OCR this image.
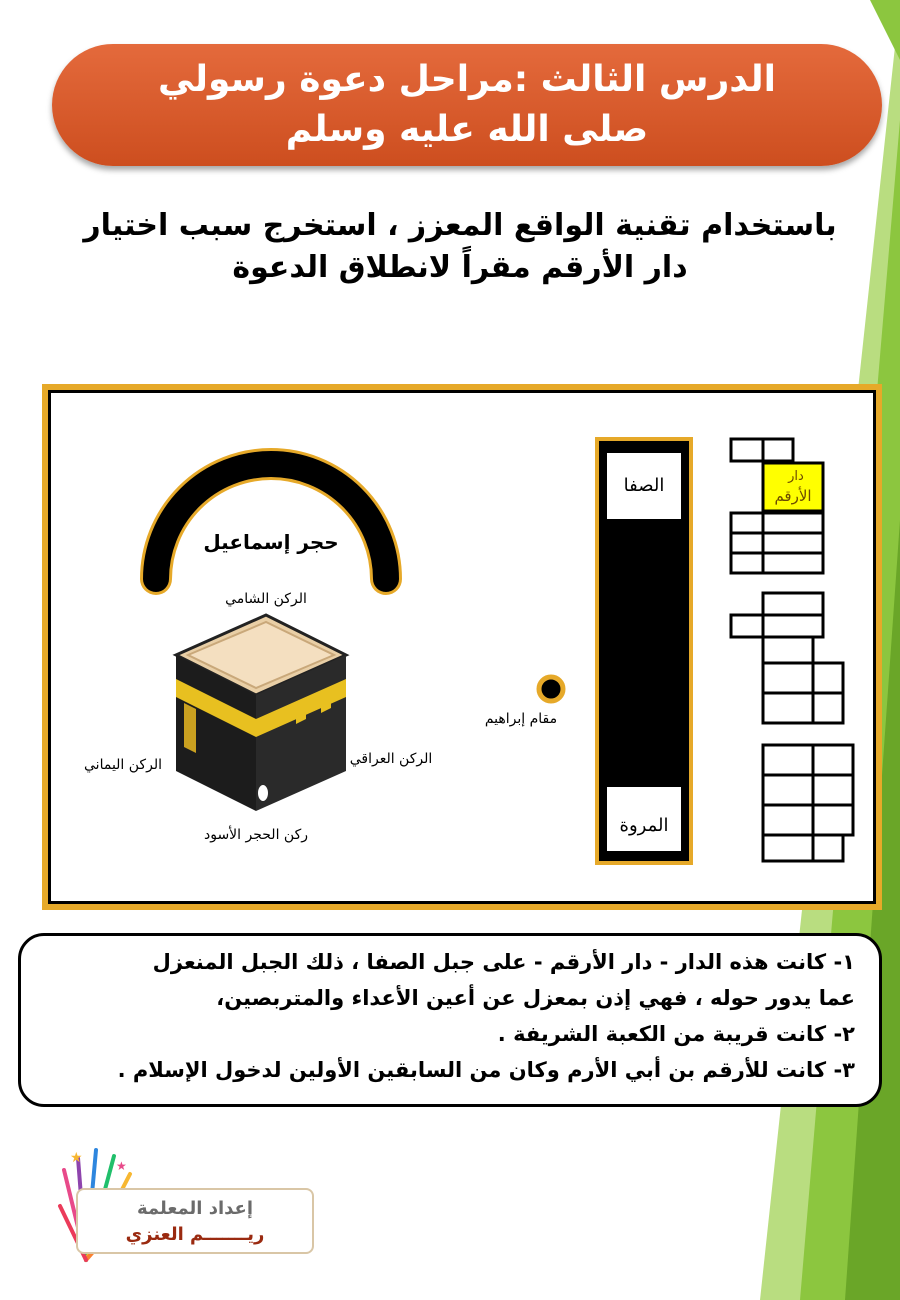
الدرس الثالث :مراحل دعوة رسولي صلى الله عليه وسلم
باستخدام تقنية الواقع المعزز ، استخرج سبب اختيار
دار الأرقم مقراً لانطلاق الدعوة
حجر إسماعيل
الركن الشامي
الركن العراقي
الركن اليماني
ركن الحجر الأسود
مقام إبراهيم
الصفا
المروة
دار
الأرقم
١- كانت هذه الدار - دار الأرقم - على جبل الصفا ، ذلك الجبل المنعزل
عما يدور حوله ، فهي إذن بمعزل عن أعين الأعداء والمتربصين،
٢- كانت قريبة من الكعبة الشريفة .
٣- كانت للأرقم بن أبي الأرم وكان من السابقين الأولين لدخول الإسلام .
★	★
إعداد المعلمة
ريـــــــم العنزي
